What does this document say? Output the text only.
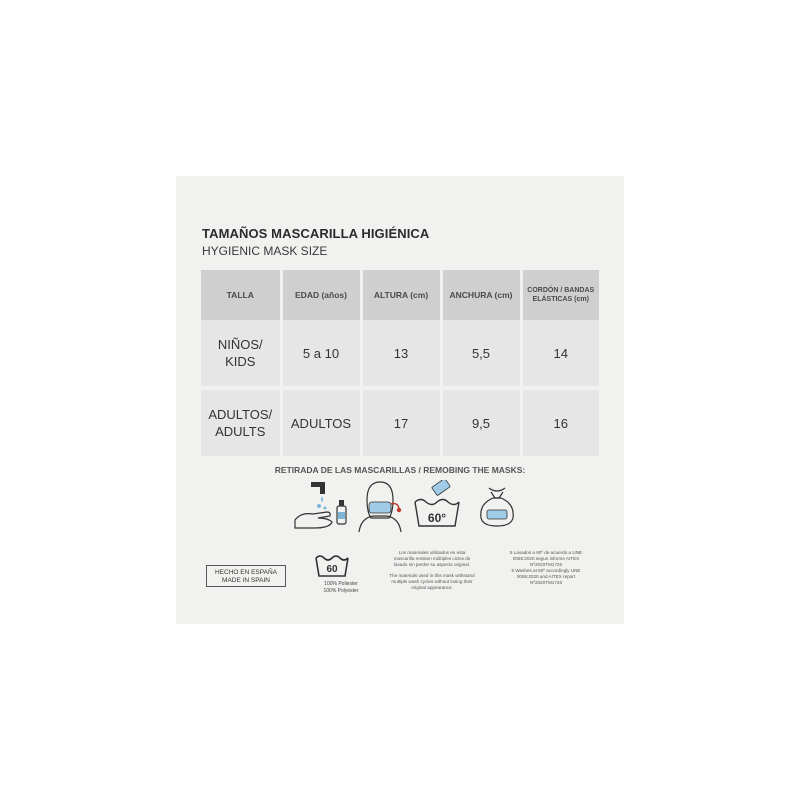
TAMAÑOS MASCARILLA HIGIÉNICA
HYGIENIC MASK SIZE
TALLA	EDAD (años)	ALTURA (cm)	ANCHURA (cm)	CORDÓN / BANDAS ELÁSTICAS (cm)
NIÑOS/
KIDS	5 a 10	13	5,5	14
ADULTOS/
ADULTS	ADULTOS	17	9,5	16
RETIRADA DE LAS MASCARILLAS / REMOBING THE MASKS:
60°
HECHO EN ESPAÑA
MADE IN SPAIN
60
100% Poliester
100% Polyester
Los materiales utilizados en esta mascarilla resisten múltiples ciclos de lavado sin perder su aspecto original.
The materials used in this mask withstand multiple wash cycles without losing their original appearance.
5 Lavados a 60º de acuerdo a UNE 0065:2020 segun informe AITEX Nº2020TM1726
5 Washes at 60º accordingly UNE 0065:2020 and AITEX report Nº2020TM1726
